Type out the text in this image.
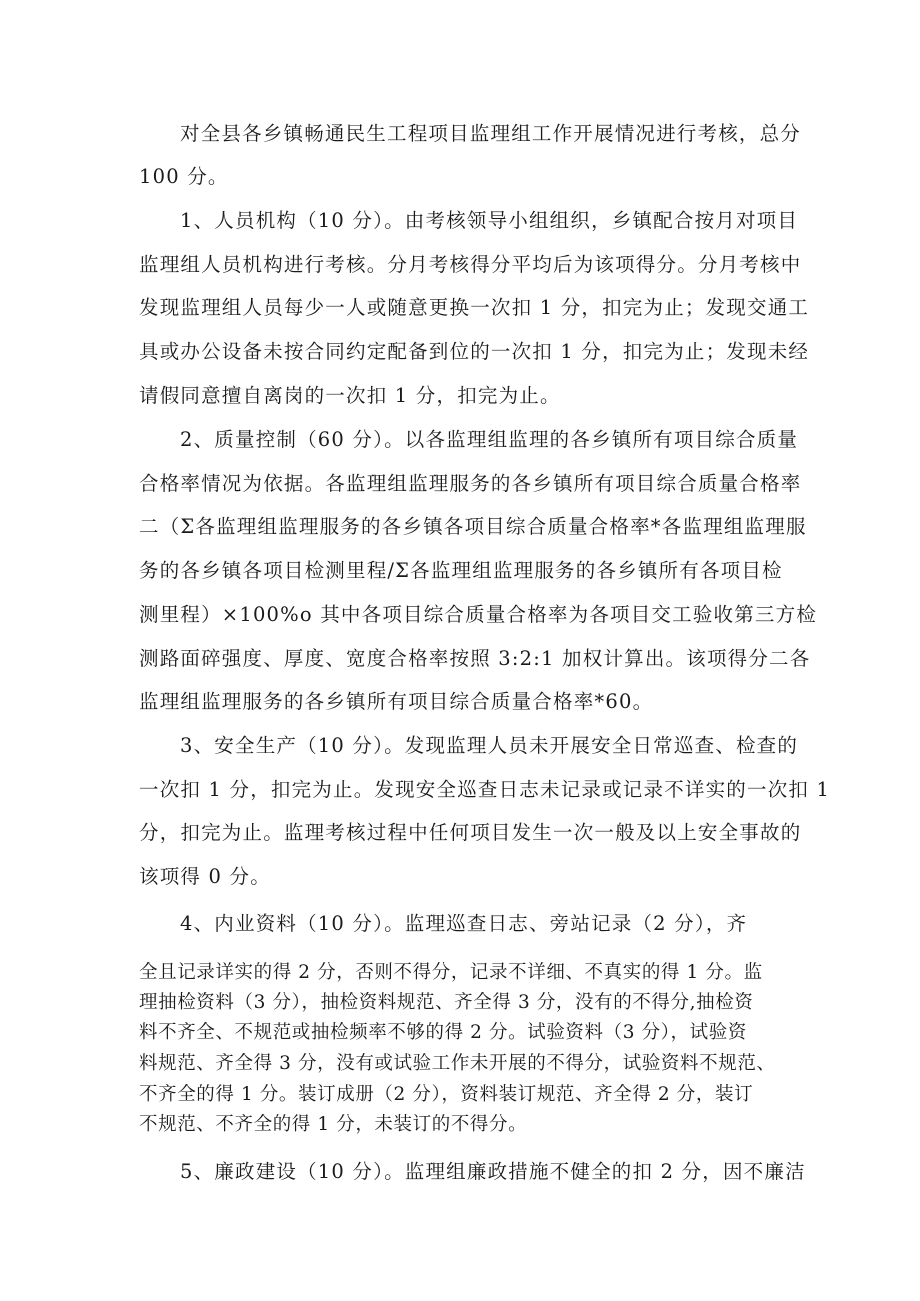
对全县各乡镇畅通民生工程项目监理组工作开展情况进行考核，总分
100 分。
1、人员机构（10 分）。由考核领导小组组织，乡镇配合按月对项目
监理组人员机构进行考核。分月考核得分平均后为该项得分。分月考核中
发现监理组人员每少一人或随意更换一次扣 1 分，扣完为止；发现交通工
具或办公设备未按合同约定配备到位的一次扣 1 分，扣完为止；发现未经
请假同意擅自离岗的一次扣 1 分，扣完为止。
2、质量控制（60 分）。以各监理组监理的各乡镇所有项目综合质量
合格率情况为依据。各监理组监理服务的各乡镇所有项目综合质量合格率
二（Σ各监理组监理服务的各乡镇各项目综合质量合格率*各监理组监理服
务的各乡镇各项目检测里程/Σ各监理组监理服务的各乡镇所有各项目检
测里程）×100%o 其中各项目综合质量合格率为各项目交工验收第三方检
测路面碎强度、厚度、宽度合格率按照 3:2:1 加权计算出。该项得分二各
监理组监理服务的各乡镇所有项目综合质量合格率*60。
3、安全生产（10 分）。发现监理人员未开展安全日常巡查、检查的
一次扣 1 分，扣完为止。发现安全巡查日志未记录或记录不详实的一次扣 1
分，扣完为止。监理考核过程中任何项目发生一次一般及以上安全事故的
该项得 0 分。
4、内业资料（10 分）。监理巡查日志、旁站记录（2 分），齐
全且记录详实的得 2 分，否则不得分，记录不详细、不真实的得 1 分。监
理抽检资料（3 分），抽检资料规范、齐全得 3 分，没有的不得分,抽检资
料不齐全、不规范或抽检频率不够的得 2 分。试验资料（3 分），试验资
料规范、齐全得 3 分，没有或试验工作未开展的不得分，试验资料不规范、
不齐全的得 1 分。装订成册（2 分），资料装订规范、齐全得 2 分，装订
不规范、不齐全的得 1 分，未装订的不得分。
5、廉政建设（10 分）。监理组廉政措施不健全的扣 2 分，因不廉洁
